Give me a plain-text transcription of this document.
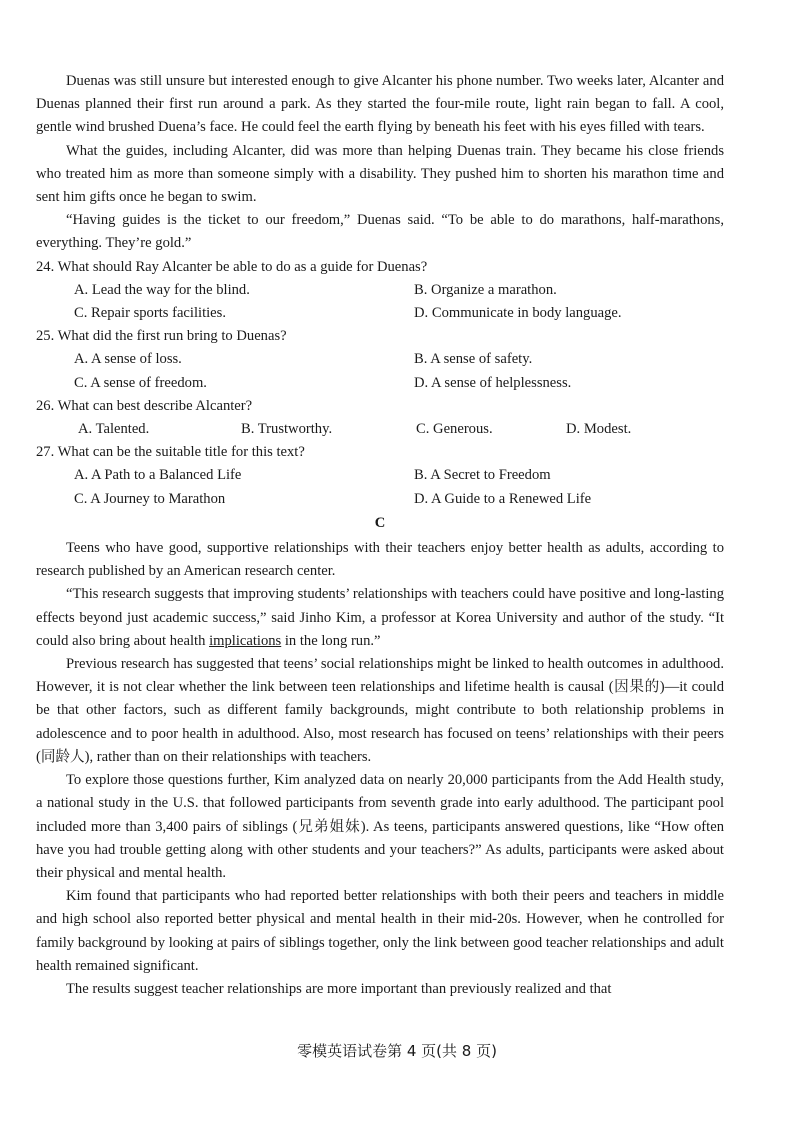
Duenas was still unsure but interested enough to give Alcanter his phone number. Two weeks later, Alcanter and Duenas planned their first run around a park. As they started the four-mile route, light rain began to fall. A cool, gentle wind brushed Duena’s face. He could feel the earth flying by beneath his feet with his eyes filled with tears.

What the guides, including Alcanter, did was more than helping Duenas train. They became his close friends who treated him as more than someone simply with a disability. They pushed him to shorten his marathon time and sent him gifts once he began to swim.

“Having guides is the ticket to our freedom,” Duenas said. “To be able to do marathons, half-marathons, everything. They’re gold.”

24. What should Ray Alcanter be able to do as a guide for Duenas?

A. Lead the way for the blind.	B. Organize a marathon.
C. Repair sports facilities.	D. Communicate in body language.

25. What did the first run bring to Duenas?

A. A sense of loss.	B. A sense of safety.
C. A sense of freedom.	D. A sense of helplessness.

26. What can best describe Alcanter?

A. Talented.	B. Trustworthy.	C. Generous.	D. Modest.

27. What can be the suitable title for this text?

A. A Path to a Balanced Life	B. A Secret to Freedom
C. A Journey to Marathon	D. A Guide to a Renewed Life
C

Teens who have good, supportive relationships with their teachers enjoy better health as adults, according to research published by an American research center.

“This research suggests that improving students’ relationships with teachers could have positive and long-lasting effects beyond just academic success,” said Jinho Kim, a professor at Korea University and author of the study. “It could also bring about health implications in the long run.”

Previous research has suggested that teens’ social relationships might be linked to health outcomes in adulthood. However, it is not clear whether the link between teen relationships and lifetime health is causal (因果的)—it could be that other factors, such as different family backgrounds, might contribute to both relationship problems in adolescence and to poor health in adulthood. Also, most research has focused on teens’ relationships with their peers (同龄人), rather than on their relationships with teachers.

To explore those questions further, Kim analyzed data on nearly 20,000 participants from the Add Health study, a national study in the U.S. that followed participants from seventh grade into early adulthood. The participant pool included more than 3,400 pairs of siblings (兄弟姐妹). As teens, participants answered questions, like “How often have you had trouble getting along with other students and your teachers?” As adults, participants were asked about their physical and mental health.

Kim found that participants who had reported better relationships with both their peers and teachers in middle and high school also reported better physical and mental health in their mid-20s. However, when he controlled for family background by looking at pairs of siblings together, only the link between good teacher relationships and adult health remained significant.

The results suggest teacher relationships are more important than previously realized and that

零模英语试卷第 4 页(共 8 页)
